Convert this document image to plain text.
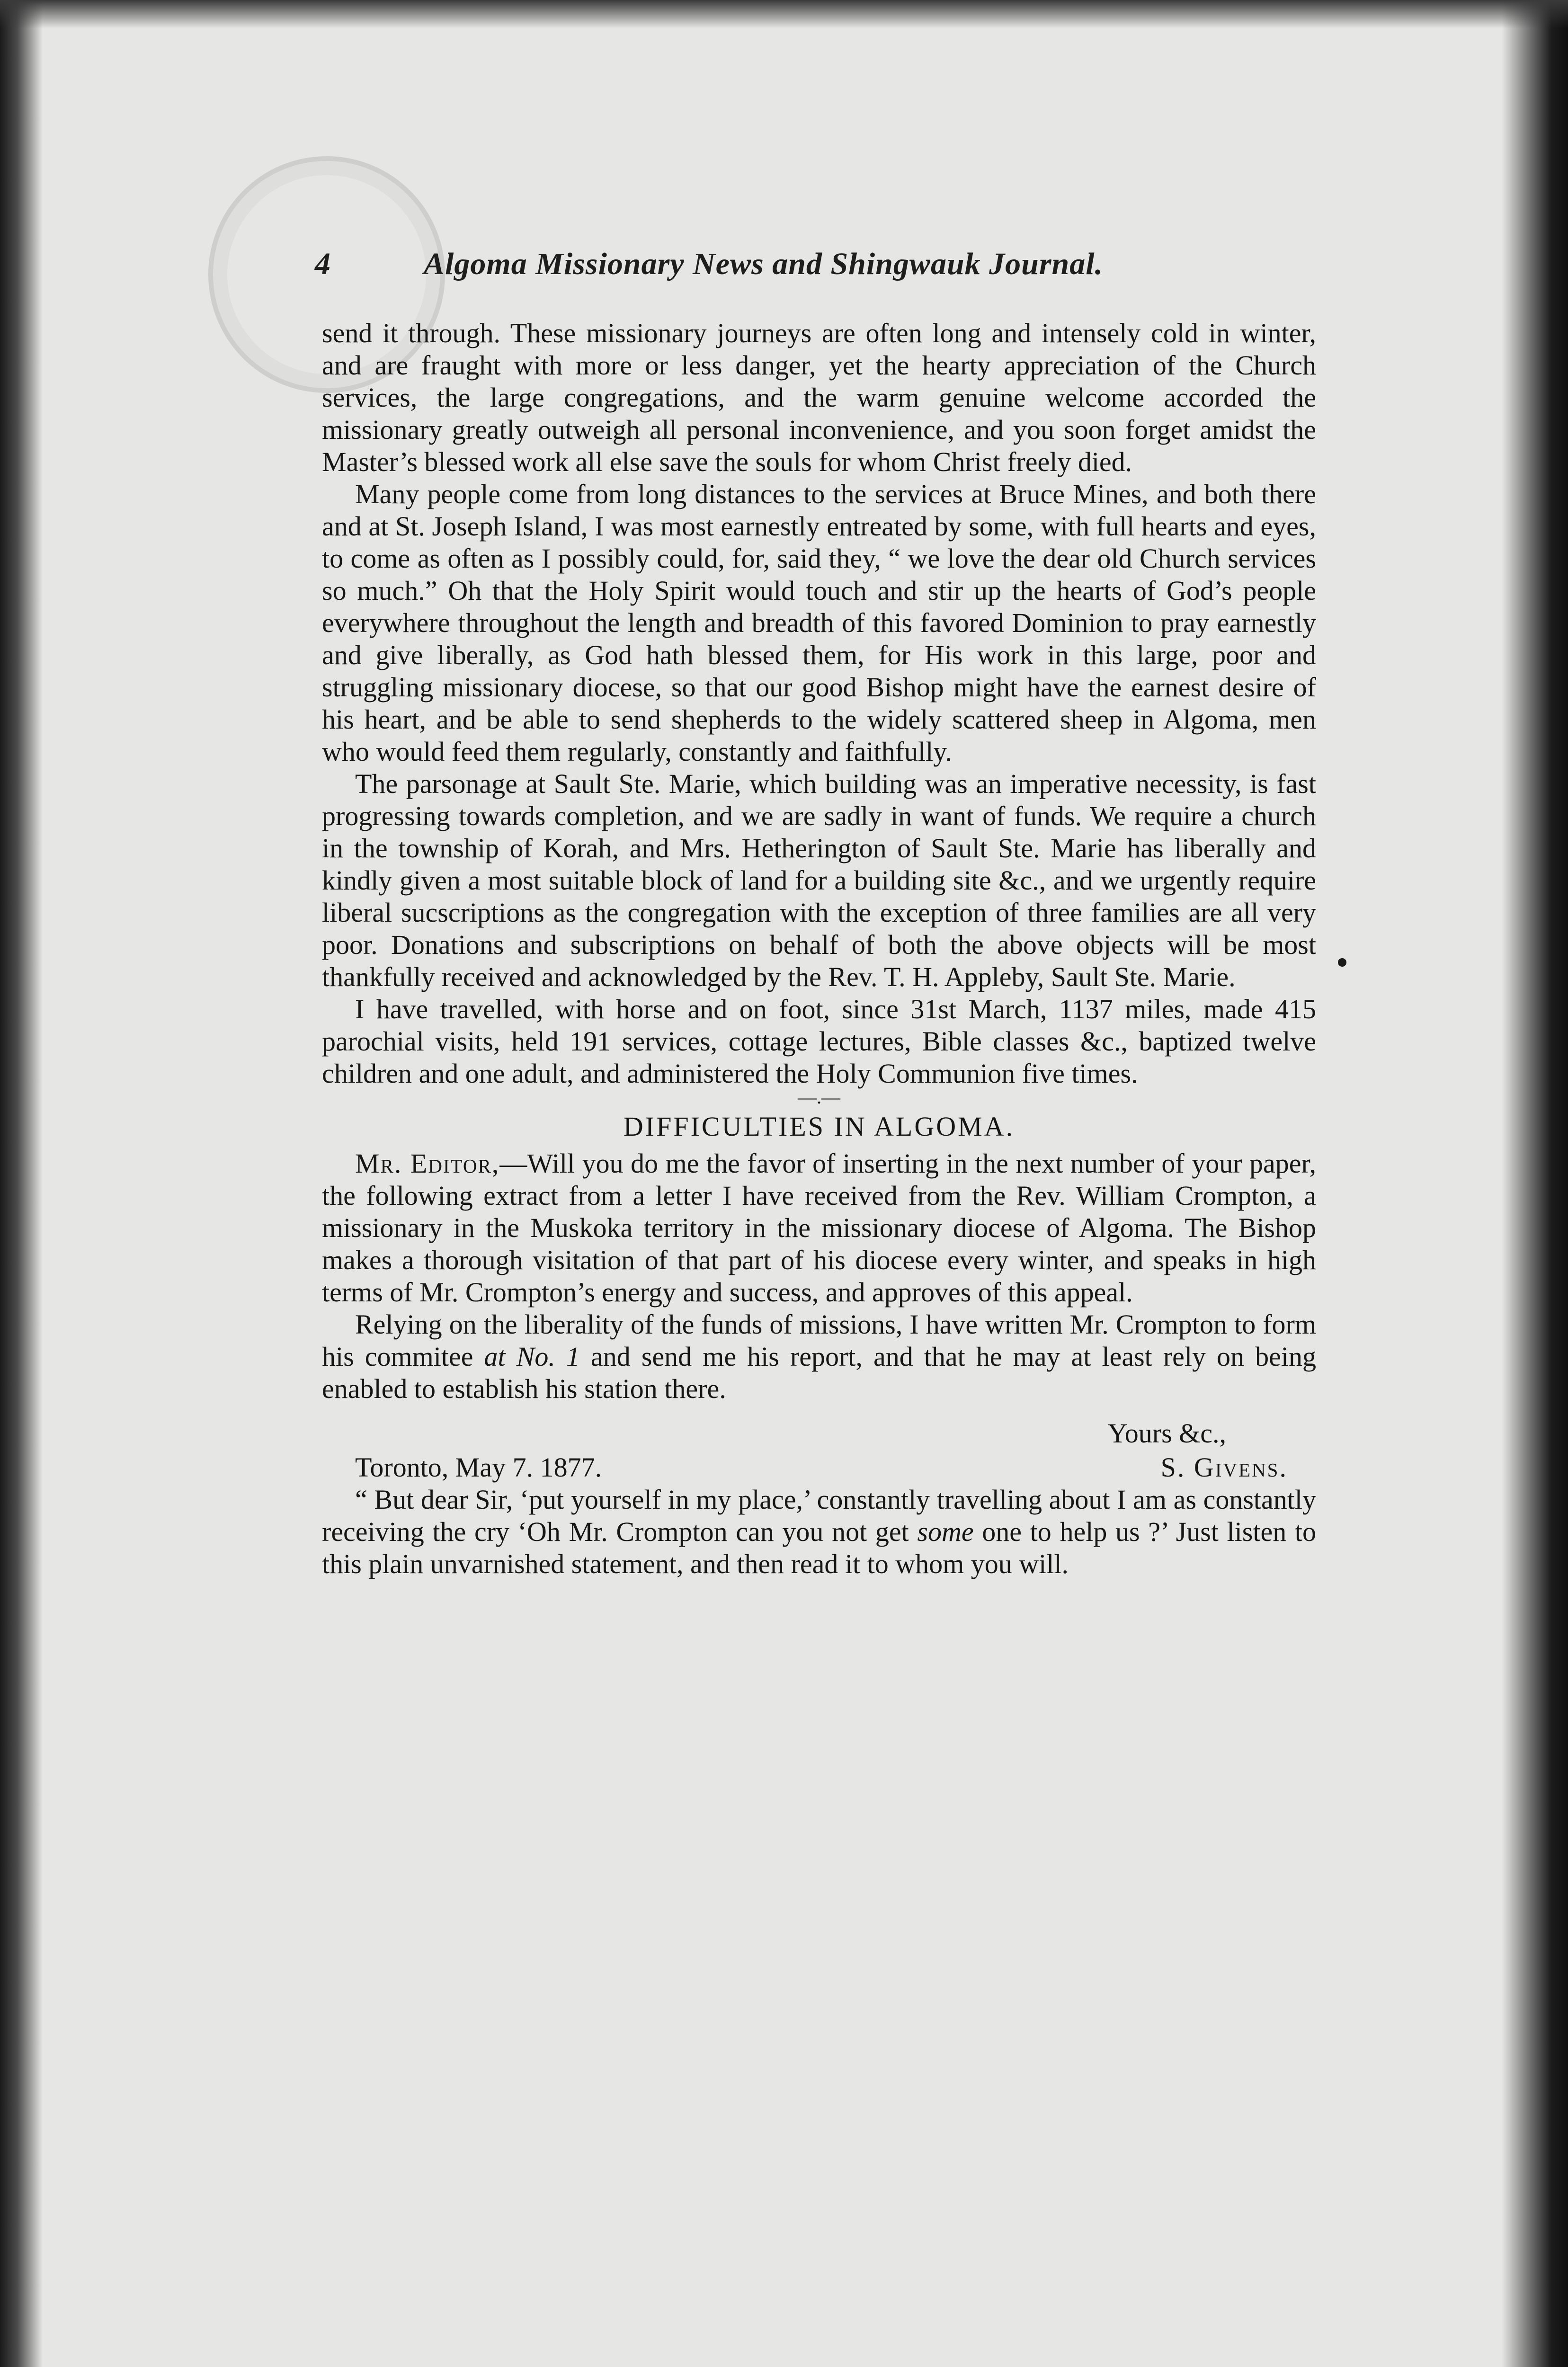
4	Algoma Missionary News and Shingwauk Journal.

send it through. These missionary journeys are often long and intensely cold in winter, and are fraught with more or less danger, yet the hearty appreciation of the Church services, the large congregations, and the warm genuine welcome accorded the missionary greatly outweigh all personal inconvenience, and you soon forget amidst the Master’s blessed work all else save the souls for whom Christ freely died.

Many people come from long distances to the services at Bruce Mines, and both there and at St. Joseph Island, I was most earnestly entreated by some, with full hearts and eyes, to come as often as I possibly could, for, said they, “ we love the dear old Church services so much.” Oh that the Holy Spirit would touch and stir up the hearts of God’s people everywhere throughout the length and breadth of this favored Dominion to pray earnestly and give liberally, as God hath blessed them, for His work in this large, poor and struggling missionary diocese, so that our good Bishop might have the earnest desire of his heart, and be able to send shepherds to the widely scattered sheep in Algoma, men who would feed them regularly, constantly and faithfully.

The parsonage at Sault Ste. Marie, which building was an imperative necessity, is fast progressing towards completion, and we are sadly in want of funds. We require a church in the township of Korah, and Mrs. Hetherington of Sault Ste. Marie has liberally and kindly given a most suitable block of land for a building site &c., and we urgently require liberal sucscriptions as the congregation with the exception of three families are all very poor. Donations and subscriptions on behalf of both the above objects will be most thankfully received and acknowledged by the Rev. T. H. Appleby, Sault Ste. Marie.

I have travelled, with horse and on foot, since 31st March, 1137 miles, made 415 parochial visits, held 191 services, cottage lectures, Bible classes &c., baptized twelve children and one adult, and administered the Holy Communion five times.

—.—

DIFFICULTIES IN ALGOMA.

Mr. Editor,—Will you do me the favor of inserting in the next number of your paper, the following extract from a letter I have received from the Rev. William Crompton, a missionary in the Muskoka territory in the missionary diocese of Algoma. The Bishop makes a thorough visitation of that part of his diocese every winter, and speaks in high terms of Mr. Crompton’s energy and success, and approves of this appeal.

Relying on the liberality of the funds of missions, I have written Mr. Crompton to form his commitee at No. 1 and send me his report, and that he may at least rely on being enabled to establish his station there.

Yours &c.,
Toronto, May 7. 1877.	S. Givens.

“ But dear Sir, ‘put yourself in my place,’ constantly travelling about I am as constantly receiving the cry ‘Oh Mr. Crompton can you not get some one to help us ?’ Just listen to this plain unvarnished statement, and then read it to whom you will.
